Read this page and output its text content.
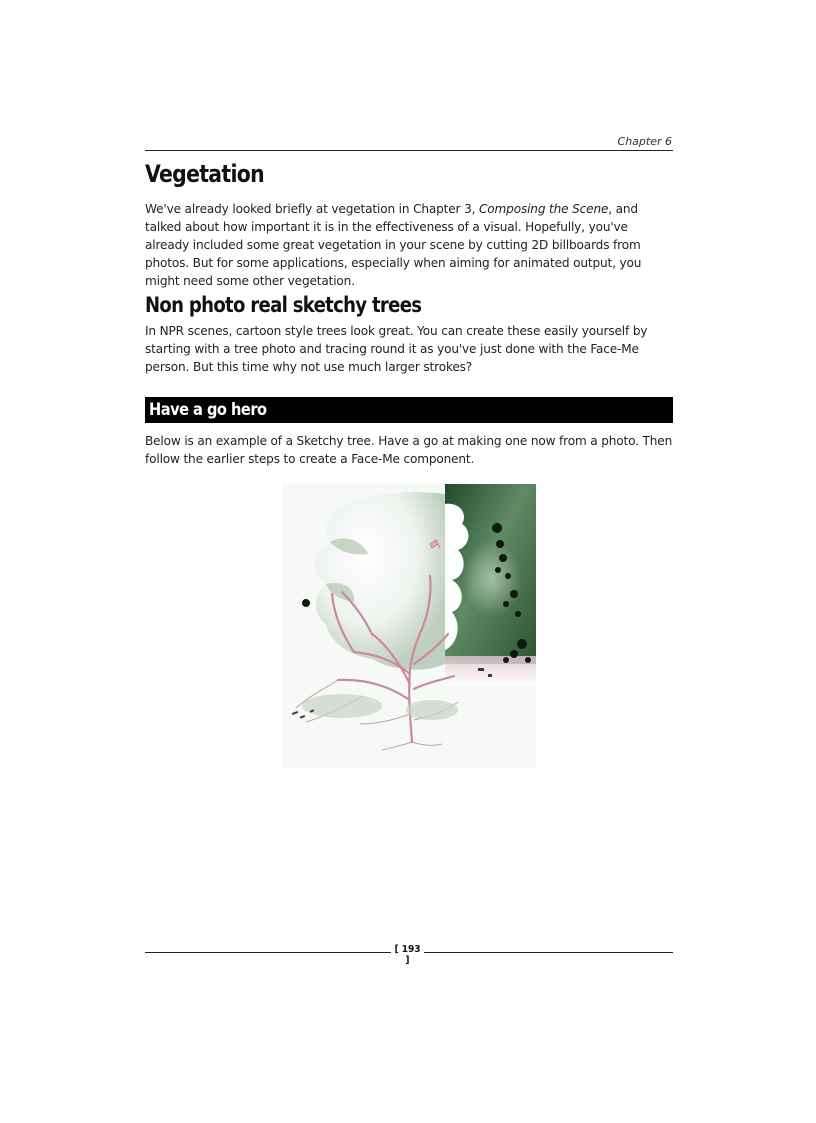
Chapter 6
Vegetation

We've already looked briefly at vegetation in Chapter 3, Composing the Scene, and talked about how important it is in the effectiveness of a visual. Hopefully, you've already included some great vegetation in your scene by cutting 2D billboards from photos. But for some applications, especially when aiming for animated output, you might need some other vegetation.

Non photo real sketchy trees

In NPR scenes, cartoon style trees look great. You can create these easily yourself by starting with a tree photo and tracing round it as you've just done with the Face-Me person. But this time why not use much larger strokes?

Have a go hero

Below is an example of a Sketchy tree. Have a go at making one now from a photo. Then follow the earlier steps to create a Face-Me component.

[ 193 ]
